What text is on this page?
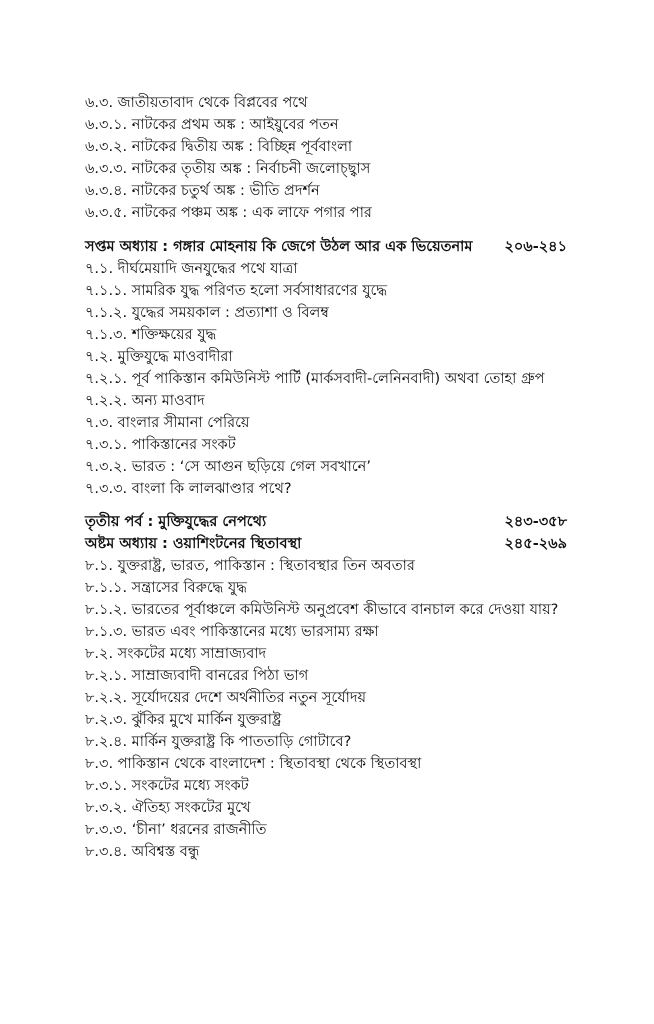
৬.৩. জাতীয়তাবাদ থেকে বিপ্লবের পথে
৬.৩.১. নাটকের প্রথম অঙ্ক : আইয়ুবের পতন
৬.৩.২. নাটকের দ্বিতীয় অঙ্ক : বিচ্ছিন্ন পূর্ববাংলা
৬.৩.৩. নাটকের তৃতীয় অঙ্ক : নির্বাচনী জলোচ্ছ্বাস
৬.৩.৪. নাটকের চতুর্থ অঙ্ক : ভীতি প্রদর্শন
৬.৩.৫. নাটকের পঞ্চম অঙ্ক : এক লাফে পগার পার
সপ্তম অধ্যায় : গঙ্গার মোহনায় কি জেগে উঠল আর এক ভিয়েতনাম ২০৬-২৪১
৭.১. দীর্ঘমেয়াদি জনযুদ্ধের পথে যাত্রা
৭.১.১. সামরিক যুদ্ধ পরিণত হলো সর্বসাধারণের যুদ্ধে
৭.১.২. যুদ্ধের সময়কাল : প্রত্যাশা ও বিলম্ব
৭.১.৩. শক্তিক্ষয়ের যুদ্ধ
৭.২. মুক্তিযুদ্ধে মাওবাদীরা
৭.২.১. পূর্ব পাকিস্তান কমিউনিস্ট পার্টি (মার্কসবাদী-লেনিনবাদী) অথবা তোহা গ্রুপ
৭.২.২. অন্য মাওবাদ
৭.৩. বাংলার সীমানা পেরিয়ে
৭.৩.১. পাকিস্তানের সংকট
৭.৩.২. ভারত : ‘সে আগুন ছড়িয়ে গেল সবখানে’
৭.৩.৩. বাংলা কি লালঝাণ্ডার পথে?
তৃতীয় পর্ব : মুক্তিযুদ্ধের নেপথ্যে	২৪৩-৩৫৮
অষ্টম অধ্যায় : ওয়াশিংটনের স্থিতাবস্থা	২৪৫-২৬৯
৮.১. যুক্তরাষ্ট্র, ভারত, পাকিস্তান : স্থিতাবস্থার তিন অবতার
৮.১.১. সন্ত্রাসের বিরুদ্ধে যুদ্ধ
৮.১.২. ভারতের পূর্বাঞ্চলে কমিউনিস্ট অনুপ্রবেশ কীভাবে বানচাল করে দেওয়া যায়?
৮.১.৩. ভারত এবং পাকিস্তানের মধ্যে ভারসাম্য রক্ষা
৮.২. সংকটের মধ্যে সাম্রাজ্যবাদ
৮.২.১. সাম্রাজ্যবাদী বানরের পিঠা ভাগ
৮.২.২. সূর্যোদয়ের দেশে অর্থনীতির নতুন সূর্যোদয়
৮.২.৩. ঝুঁকির মুখে মার্কিন যুক্তরাষ্ট্র
৮.২.৪. মার্কিন যুক্তরাষ্ট্র কি পাততাড়ি গোটাবে?
৮.৩. পাকিস্তান থেকে বাংলাদেশ : স্থিতাবস্থা থেকে স্থিতাবস্থা
৮.৩.১. সংকটের মধ্যে সংকট
৮.৩.২. ঐতিহ্য সংকটের মুখে
৮.৩.৩. ‘চীনা’ ধরনের রাজনীতি
৮.৩.৪. অবিশ্বস্ত বন্ধু
